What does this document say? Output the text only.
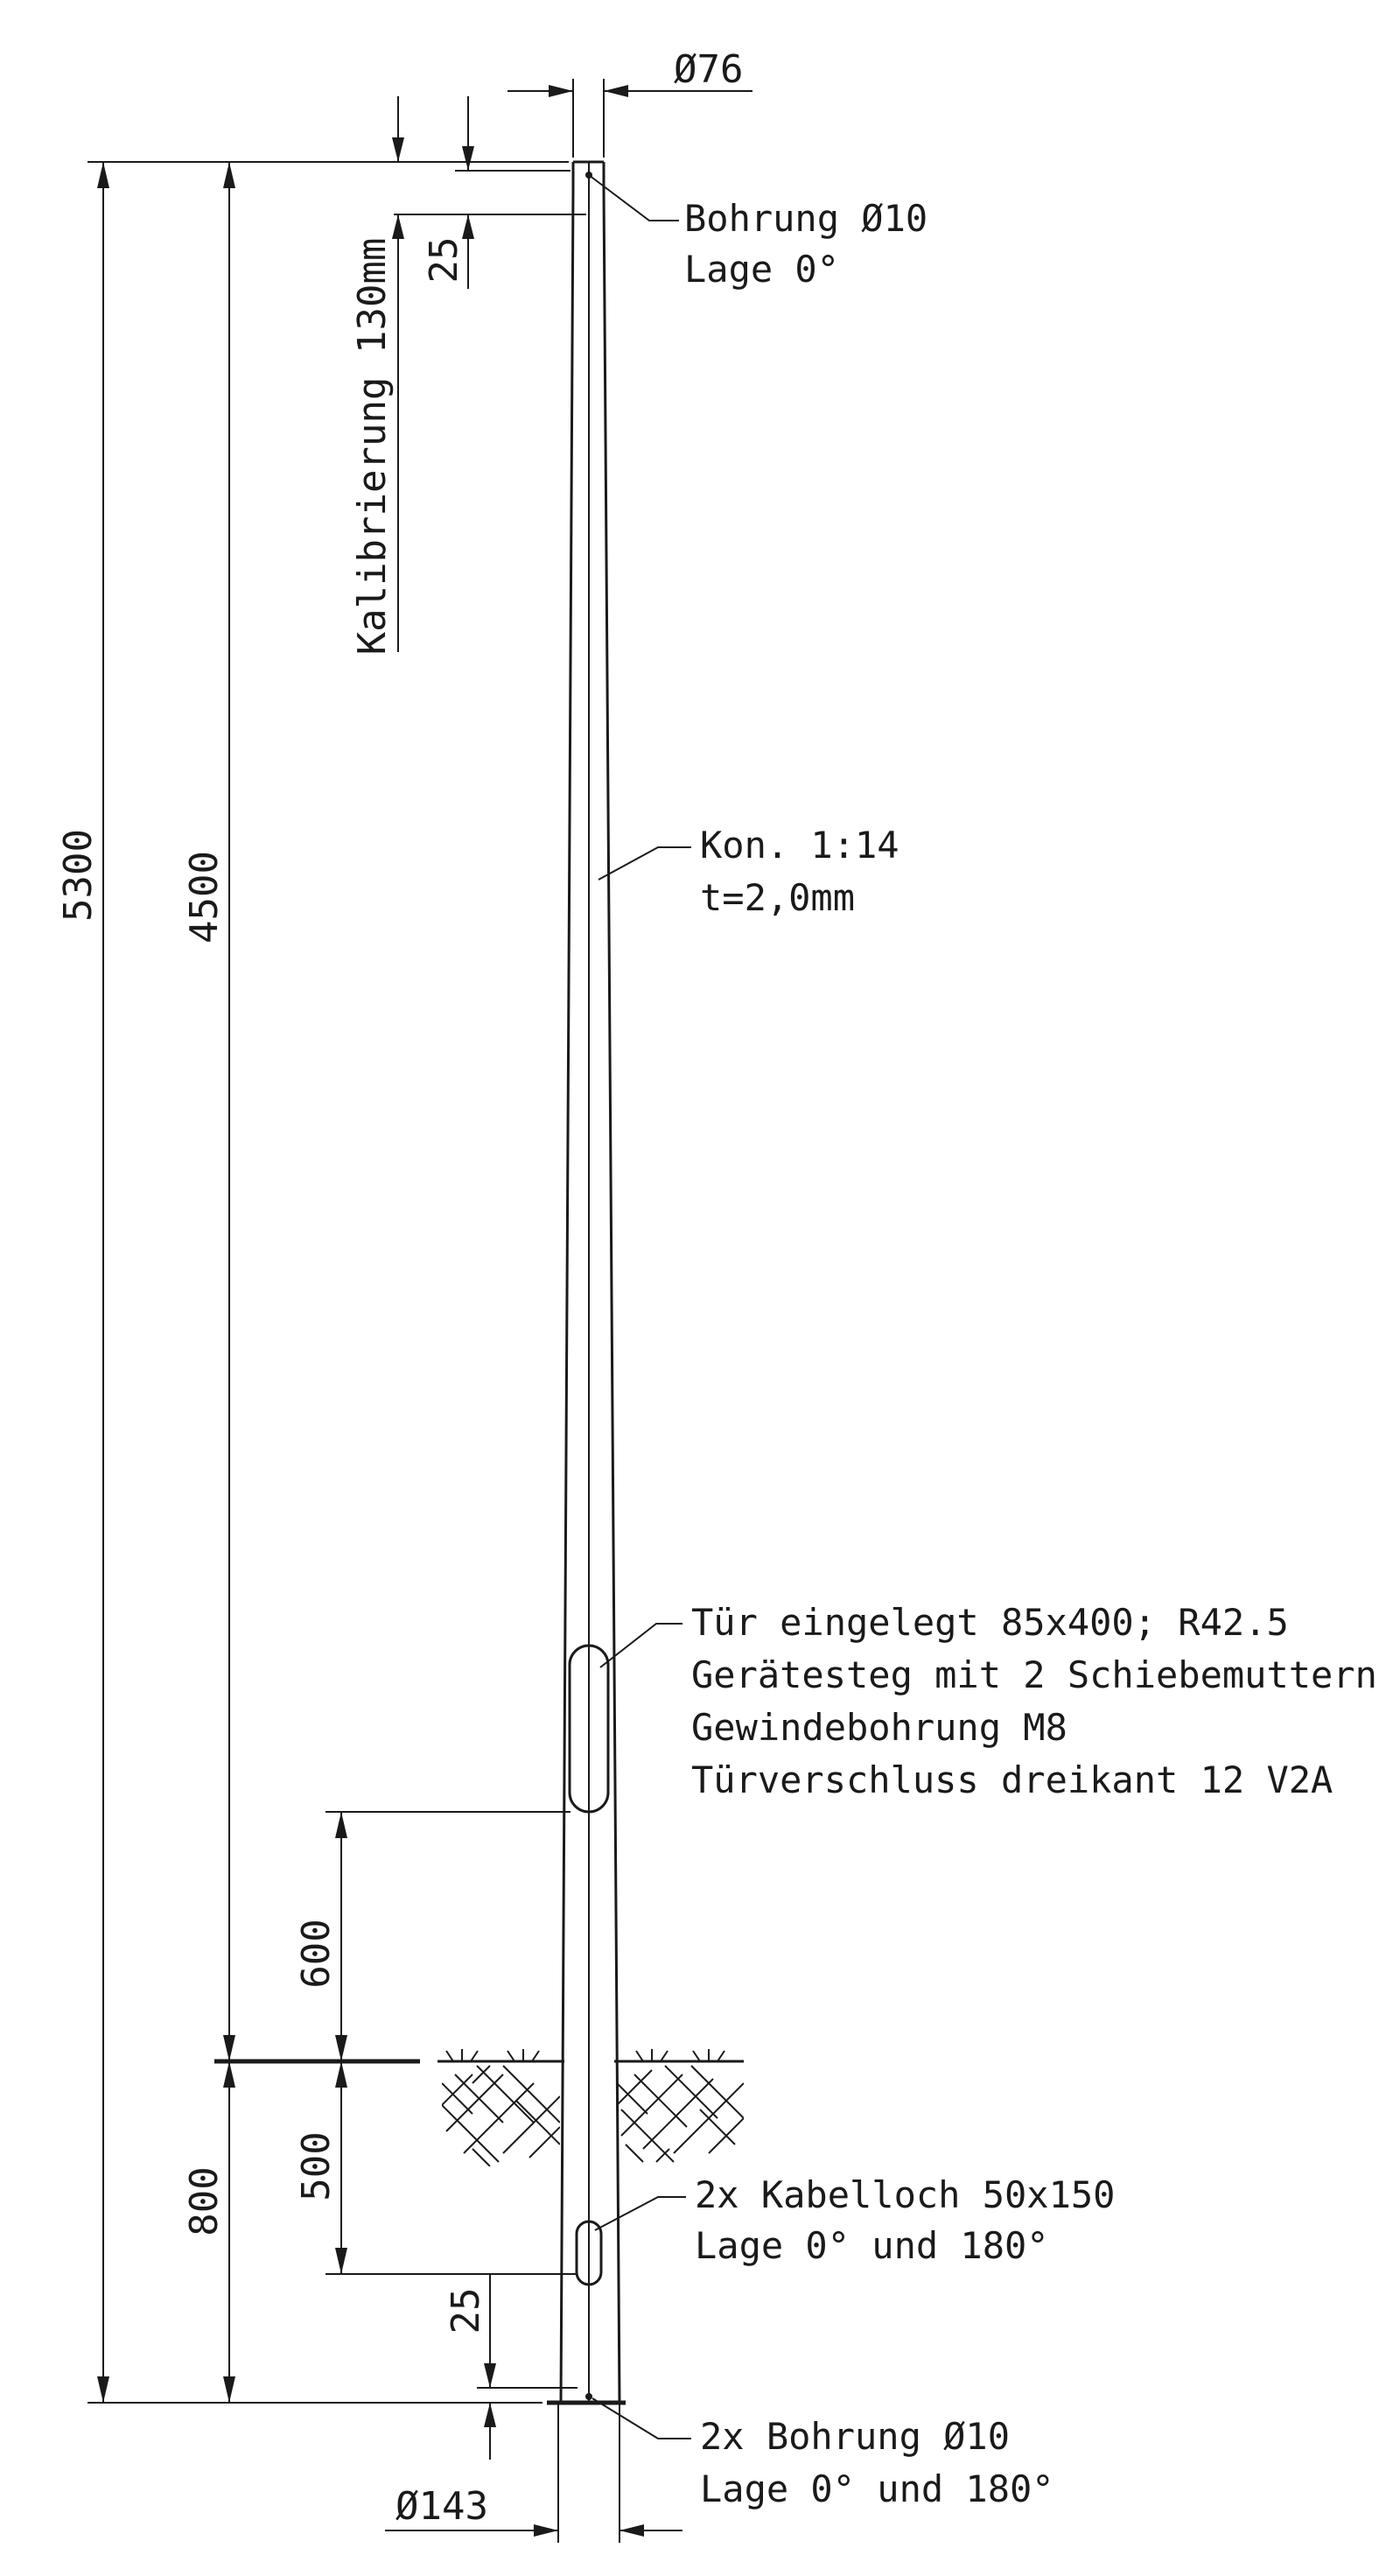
5300 4500
800
600
500
25
25
Kalibrierung 130mm
Ø76
Ø143
Bohrung Ø10
Lage 0°
Kon. 1:14
t=2,0mm
Tür eingelegt 85x400; R42.5
Gerätesteg mit 2 Schiebemuttern
Gewindebohrung M8
Türverschluss dreikant 12 V2A
2x Kabelloch 50x150
Lage 0° und 180°
2x Bohrung Ø10
Lage 0° und 180°
